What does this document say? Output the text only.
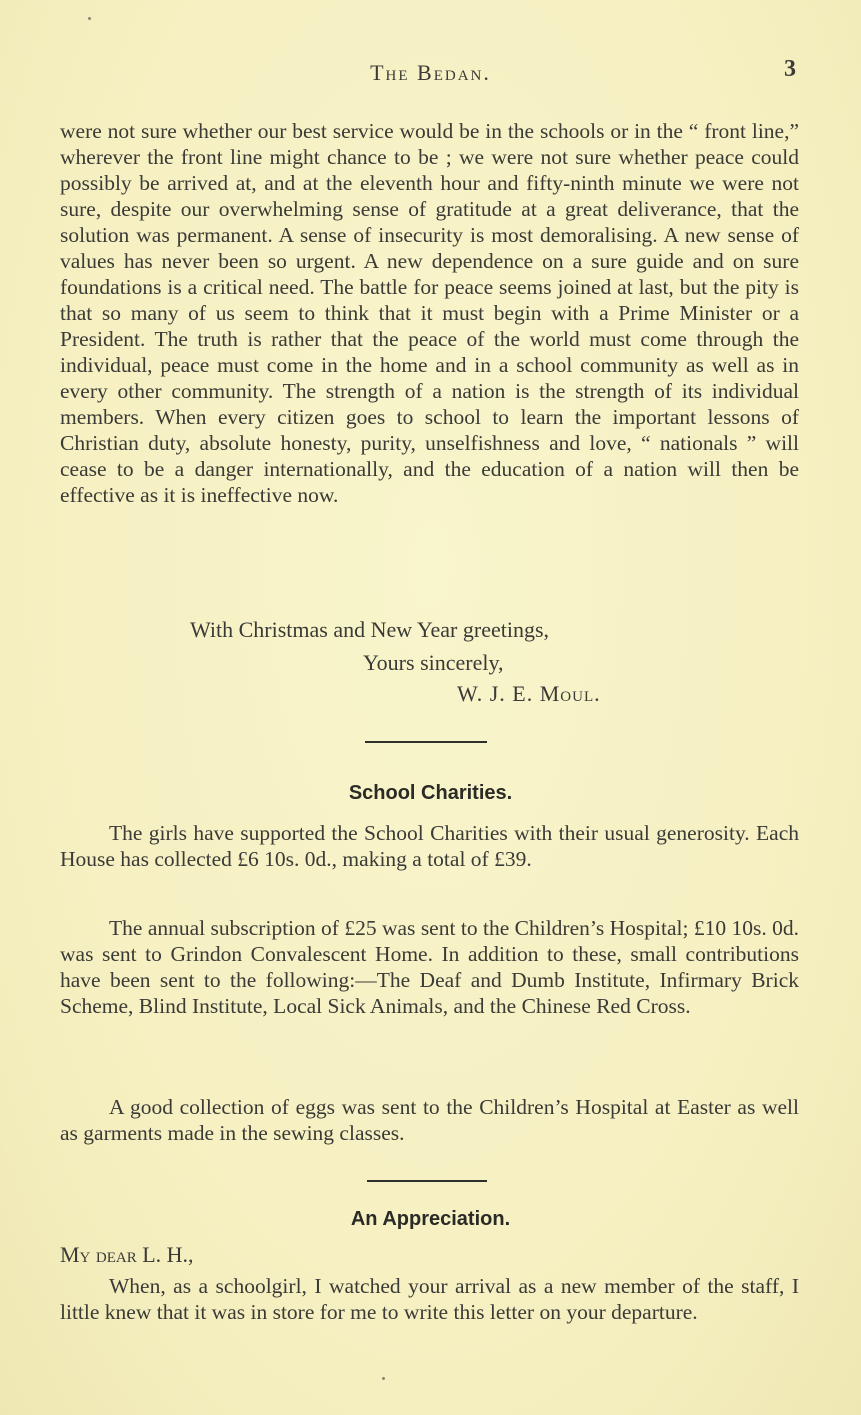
The Bedan.	3

were not sure whether our best service would be in the schools or in the “ front line,” wherever the front line might chance to be ; we were not sure whether peace could possibly be arrived at, and at the eleventh hour and fifty-ninth minute we were not sure, despite our overwhelming sense of gratitude at a great deliverance, that the solution was permanent. A sense of insecurity is most demoralising. A new sense of values has never been so urgent. A new dependence on a sure guide and on sure foundations is a critical need. The battle for peace seems joined at last, but the pity is that so many of us seem to think that it must begin with a Prime Minister or a President. The truth is rather that the peace of the world must come through the individual, peace must come in the home and in a school community as well as in every other community. The strength of a nation is the strength of its individual members. When every citizen goes to school to learn the important lessons of Christian duty, absolute honesty, purity, unselfishness and love, “ nationals ” will cease to be a danger internationally, and the education of a nation will then be effective as it is ineffective now.

With Christmas and New Year greetings,
Yours sincerely,
W. J. E. Moul.
School Charities.

The girls have supported the School Charities with their usual generosity. Each House has collected £6 10s. 0d., making a total of £39.

The annual subscription of £25 was sent to the Children’s Hospital; £10 10s. 0d. was sent to Grindon Convalescent Home. In addition to these, small contributions have been sent to the following:—The Deaf and Dumb Institute, Infirmary Brick Scheme, Blind Institute, Local Sick Animals, and the Chinese Red Cross.

A good collection of eggs was sent to the Children’s Hospital at Easter as well as garments made in the sewing classes.

An Appreciation.
My dear L. H.,

When, as a schoolgirl, I watched your arrival as a new member of the staff, I little knew that it was in store for me to write this letter on your departure.
